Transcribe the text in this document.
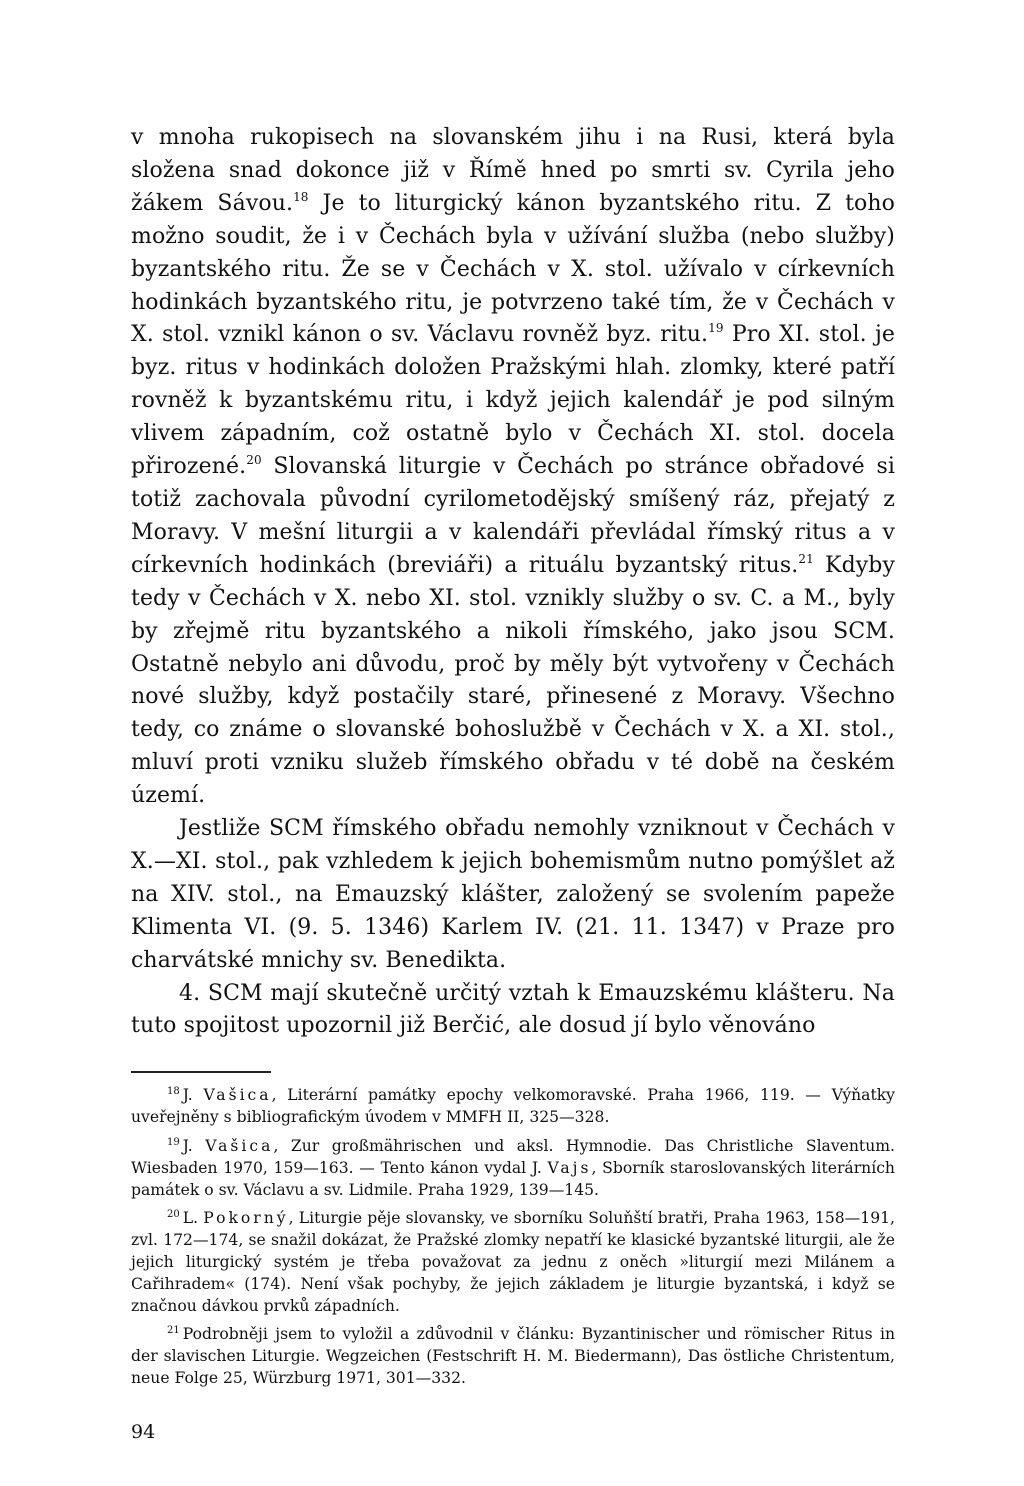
v mnoha rukopisech na slovanském jihu i na Rusi, která byla složena snad dokonce již v Římě hned po smrti sv. Cyrila jeho žákem Sávou.$^{18}$ Je to liturgický kánon byzantského ritu. Z toho možno soudit, že i v Čechách byla v užívání služba (nebo služby) byzantského ritu. Že se v Čechách v X. stol. užívalo v církevních hodinkách byzantského ritu, je potvrzeno také tím, že v Čechách v X. stol. vznikl kánon o sv. Václavu rovněž byz. ritu.$^{19}$ Pro XI. stol. je byz. ritus v hodinkách doložen Pražskými hlah. zlomky, které patří rovněž k byzantskému ritu, i když jejich kalendář je pod silným vlivem západním, což ostatně bylo v Čechách XI. stol. docela přirozené.$^{20}$ Slovanská liturgie v Čechách po stránce obřadové si totiž zachovala původní cyrilometodějský smíšený ráz, přejatý z Moravy. V mešní liturgii a v kalendáři převládal římský ritus a v církevních hodinkách (breviáři) a rituálu byzantský ritus.$^{21}$ Kdyby tedy v Čechách v X. nebo XI. stol. vznikly služby o sv. C. a M., byly by zřejmě ritu byzantského a nikoli římského, jako jsou SCM. Ostatně nebylo ani důvodu, proč by měly být vytvořeny v Čechách nové služby, když postačily staré, přinesené z Moravy. Všechno tedy, co známe o slovanské bohoslužbě v Čechách v X. a XI. stol., mluví proti vzniku služeb římského obřadu v té době na českém území.

Jestliže SCM římského obřadu nemohly vzniknout v Čechách v X.—XI. stol., pak vzhledem k jejich bohemismům nutno pomýšlet až na XIV. stol., na Emauzský klášter, založený se svolením papeže Klimenta VI. (9. 5. 1346) Karlem IV. (21. 11. 1347) v Praze pro charvátské mnichy sv. Benedikta.

4. SCM mají skutečně určitý vztah k Emauzskému klášteru. Na tuto spojitost upozornil již Berčić, ale dosud jí bylo věnováno

$^{18}$ J. Vašica, Literární památky epochy velkomoravské. Praha 1966, 119. — Výňatky uveřejněny s bibliografickým úvodem v MMFH II, 325—328.

$^{19}$ J. Vašica, Zur großmährischen und aksl. Hymnodie. Das Christliche Slaventum. Wiesbaden 1970, 159—163. — Tento kánon vydal J. Vajs, Sborník staroslovanských literárních památek o sv. Václavu a sv. Lidmile. Praha 1929, 139—145.

$^{20}$ L. Pokorný, Liturgie pěje slovansky, ve sborníku Soluňští bratři, Praha 1963, 158—191, zvl. 172—174, se snažil dokázat, že Pražské zlomky nepatří ke klasické byzantské liturgii, ale že jejich liturgický systém je třeba považovat za jednu z oněch »liturgií mezi Milánem a Cařihradem« (174). Není však pochyby, že jejich základem je liturgie byzantská, i když se značnou dávkou prvků západních.

$^{21}$ Podrobněji jsem to vyložil a zdůvodnil v článku: Byzantinischer und römischer Ritus in der slavischen Liturgie. Wegzeichen (Festschrift H. M. Biedermann), Das östliche Christentum, neue Folge 25, Würzburg 1971, 301—332.

94
